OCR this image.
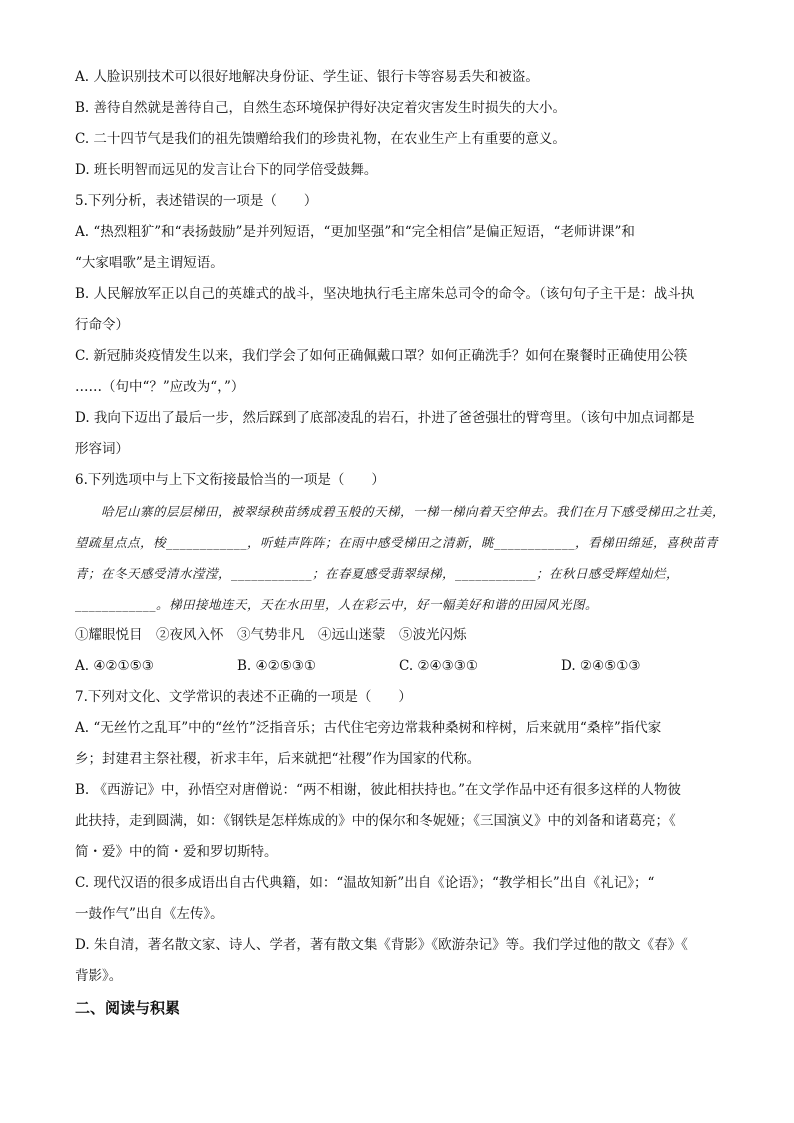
A. 人脸识别技术可以很好地解决身份证、学生证、银行卡等容易丢失和被盗。

B. 善待自然就是善待自己，自然生态环境保护得好决定着灾害发生时损失的大小。

C. 二十四节气是我们的祖先馈赠给我们的珍贵礼物，在农业生产上有重要的意义。

D. 班长明智而远见的发言让台下的同学倍受鼓舞。

5.下列分析，表述错误的一项是（　　）

A. “热烈粗犷”和“表扬鼓励”是并列短语，“更加坚强”和“完全相信”是偏正短语，“老师讲课”和

“大家唱歌”是主谓短语。

B. 人民解放军正以自己的英雄式的战斗，坚决地执行毛主席朱总司令的命令。（该句句子主干是：战斗执

行命令）

C. 新冠肺炎疫情发生以来，我们学会了如何正确佩戴口罩？如何正确洗手？如何在聚餐时正确使用公筷

……（句中“？”应改为“，”）

D. 我向下迈出了最后一步，然后踩到了底部凌乱的岩石，扑进了爸爸强壮的臂弯里。（该句中加点词都是

形容词）

6.下列选项中与上下文衔接最恰当的一项是（　　）

哈尼山寨的层层梯田，被翠绿秧苗绣成碧玉般的天梯，一梯一梯向着天空伸去。我们在月下感受梯田之壮美，望疏星点点，梭____________，听蛙声阵阵；在雨中感受梯田之清新，眺____________，看梯田绵延，喜秧苗青青；在冬天感受清水滢滢，____________；在春夏感受翡翠绿梯，____________；在秋日感受辉煌灿烂，____________。梯田接地连天，天在水田里，人在彩云中，好一幅美好和谐的田园风光图。

①耀眼悦目　②夜风入怀　③气势非凡　④远山迷蒙　⑤波光闪烁

A. ④②①⑤③	B. ④②⑤③①	C. ②④③③①	D. ②④⑤①③

7.下列对文化、文学常识的表述不正确的一项是（　　）

A. “无丝竹之乱耳”中的“丝竹”泛指音乐；古代住宅旁边常栽种桑树和梓树，后来就用“桑梓”指代家

乡；封建君主祭社稷，祈求丰年，后来就把“社稷”作为国家的代称。

B. 《西游记》中，孙悟空对唐僧说：“两不相谢，彼此相扶持也。”在文学作品中还有很多这样的人物彼

此扶持，走到圆满，如：《钢铁是怎样炼成的》中的保尔和冬妮娅；《三国演义》中的刘备和诸葛亮；《

简・爱》中的简・爱和罗切斯特。

C. 现代汉语的很多成语出自古代典籍，如：“温故知新”出自《论语》；“教学相长”出自《礼记》；“

一鼓作气”出自《左传》。

D. 朱自清，著名散文家、诗人、学者，著有散文集《背影》《欧游杂记》等。我们学过他的散文《春》《

背影》。

二、阅读与积累
